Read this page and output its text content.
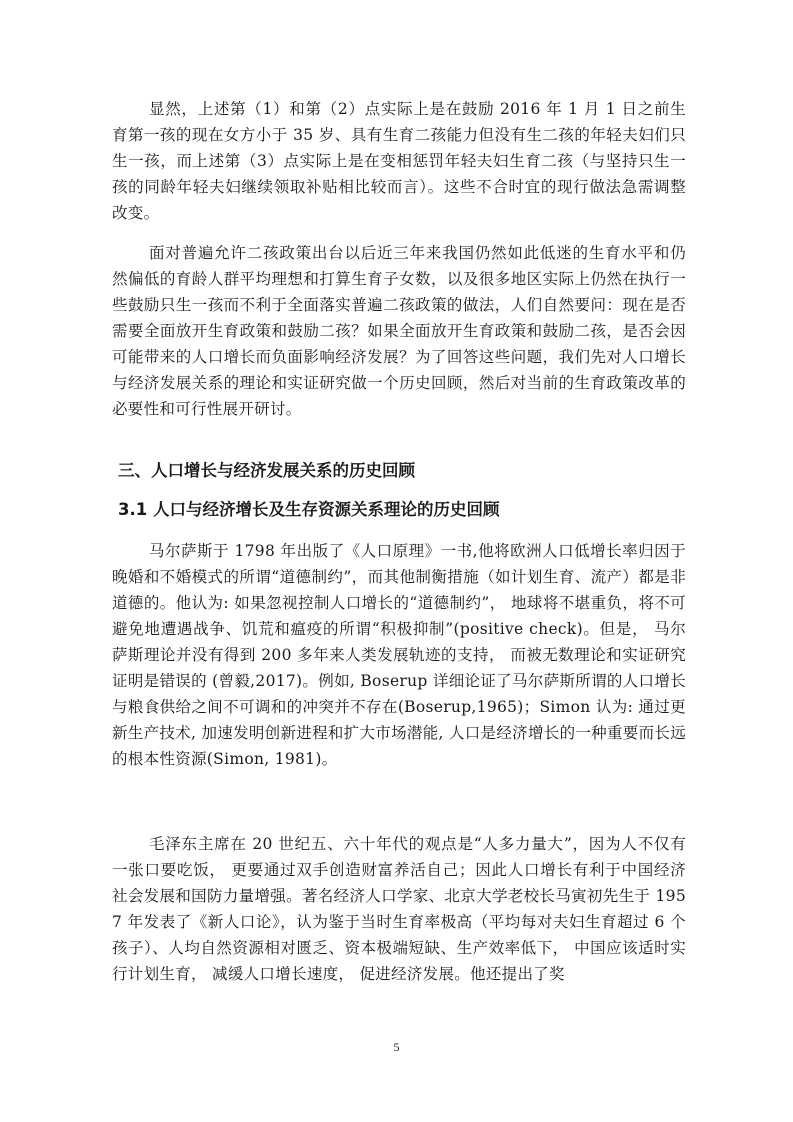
显然，上述第（1）和第（2）点实际上是在鼓励 2016 年 1 月 1 日之前生育第一孩的现在女方小于 35 岁、具有生育二孩能力但没有生二孩的年轻夫妇们只生一孩，而上述第（3）点实际上是在变相惩罚年轻夫妇生育二孩（与坚持只生一孩的同龄年轻夫妇继续领取补贴相比较而言）。这些不合时宜的现行做法急需调整改变。

面对普遍允许二孩政策出台以后近三年来我国仍然如此低迷的生育水平和仍然偏低的育龄人群平均理想和打算生育子女数，以及很多地区实际上仍然在执行一些鼓励只生一孩而不利于全面落实普遍二孩政策的做法，人们自然要问：现在是否需要全面放开生育政策和鼓励二孩？如果全面放开生育政策和鼓励二孩，是否会因可能带来的人口增长而负面影响经济发展？为了回答这些问题，我们先对人口增长与经济发展关系的理论和实证研究做一个历史回顾，然后对当前的生育政策改革的必要性和可行性展开研讨。

三、人口增长与经济发展关系的历史回顾
3.1 人口与经济增长及生存资源关系理论的历史回顾

马尔萨斯于 1798 年出版了《人口原理》一书,他将欧洲人口低增长率归因于晚婚和不婚模式的所谓“道德制约”，而其他制衡措施（如计划生育、流产）都是非道德的。他认为: 如果忽视控制人口增长的“道德制约”， 地球将不堪重负，将不可避免地遭遇战争、饥荒和瘟疫的所谓“积极抑制”(positive check)。但是， 马尔萨斯理论并没有得到 200 多年来人类发展轨迹的支持， 而被无数理论和实证研究证明是错误的 (曾毅,2017)。例如, Boserup 详细论证了马尔萨斯所谓的人口增长与粮食供给之间不可调和的冲突并不存在(Boserup,1965)；Simon 认为: 通过更新生产技术, 加速发明创新进程和扩大市场潜能, 人口是经济增长的一种重要而长远的根本性资源(Simon, 1981)。

毛泽东主席在 20 世纪五、六十年代的观点是“人多力量大”，因为人不仅有一张口要吃饭， 更要通过双手创造财富养活自己；因此人口增长有利于中国经济社会发展和国防力量增强。著名经济人口学家、北京大学老校长马寅初先生于 1957 年发表了《新人口论》，认为鉴于当时生育率极高（平均每对夫妇生育超过 6 个孩子）、人均自然资源相对匮乏、资本极端短缺、生产效率低下， 中国应该适时实行计划生育， 减缓人口增长速度， 促进经济发展。他还提出了奖

5
